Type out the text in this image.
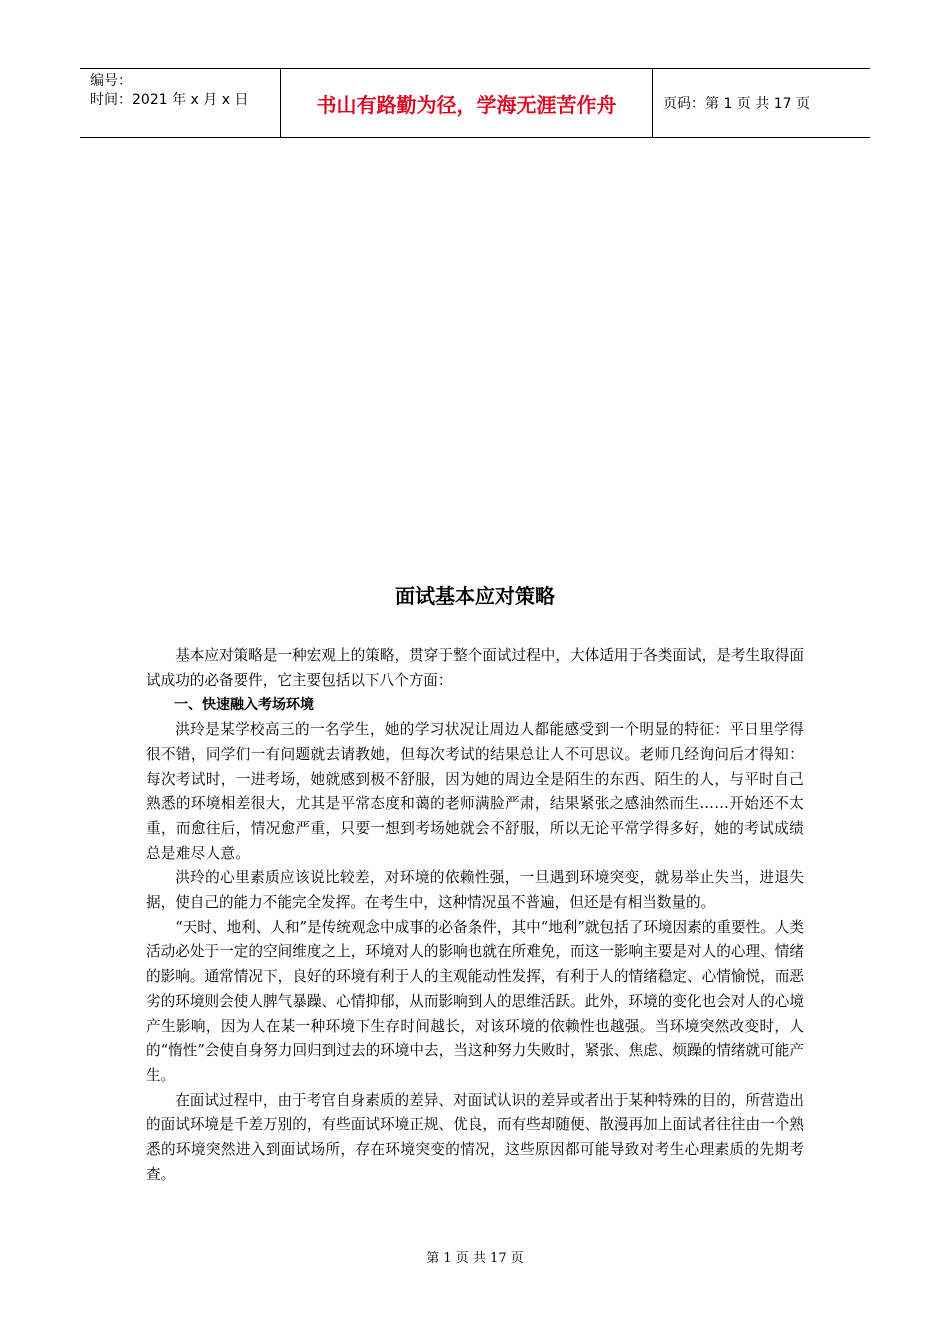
编号：
时间：2021 年 x 月 x 日	书山有路勤为径，学海无涯苦作舟	页码：第 1 页 共 17 页
面试基本应对策略

基本应对策略是一种宏观上的策略，贯穿于整个面试过程中，大体适用于各类面试，是考生取得面试成功的必备要件，它主要包括以下八个方面：

一、快速融入考场环境

洪玲是某学校高三的一名学生，她的学习状况让周边人都能感受到一个明显的特征：平日里学得很不错，同学们一有问题就去请教她，但每次考试的结果总让人不可思议。老师几经询问后才得知：每次考试时，一进考场，她就感到极不舒服，因为她的周边全是陌生的东西、陌生的人，与平时自己熟悉的环境相差很大，尤其是平常态度和蔼的老师满脸严肃，结果紧张之感油然而生……开始还不太重，而愈往后，情况愈严重，只要一想到考场她就会不舒服，所以无论平常学得多好，她的考试成绩总是难尽人意。

洪玲的心里素质应该说比较差，对环境的依赖性强，一旦遇到环境突变，就易举止失当，进退失据，使自己的能力不能完全发挥。在考生中，这种情况虽不普遍，但还是有相当数量的。

“天时、地利、人和”是传统观念中成事的必备条件，其中“地利”就包括了环境因素的重要性。人类活动必处于一定的空间维度之上，环境对人的影响也就在所难免，而这一影响主要是对人的心理、情绪的影响。通常情况下，良好的环境有利于人的主观能动性发挥，有利于人的情绪稳定、心情愉悦，而恶劣的环境则会使人脾气暴躁、心情抑郁，从而影响到人的思维活跃。此外，环境的变化也会对人的心境产生影响，因为人在某一种环境下生存时间越长，对该环境的依赖性也越强。当环境突然改变时，人的“惰性”会使自身努力回归到过去的环境中去，当这种努力失败时，紧张、焦虑、烦躁的情绪就可能产生。

在面试过程中，由于考官自身素质的差异、对面试认识的差异或者出于某种特殊的目的，所营造出的面试环境是千差万别的，有些面试环境正规、优良，而有些却随便、散漫再加上面试者往往由一个熟悉的环境突然进入到面试场所，存在环境突变的情况，这些原因都可能导致对考生心理素质的先期考查。

第 1 页 共 17 页
